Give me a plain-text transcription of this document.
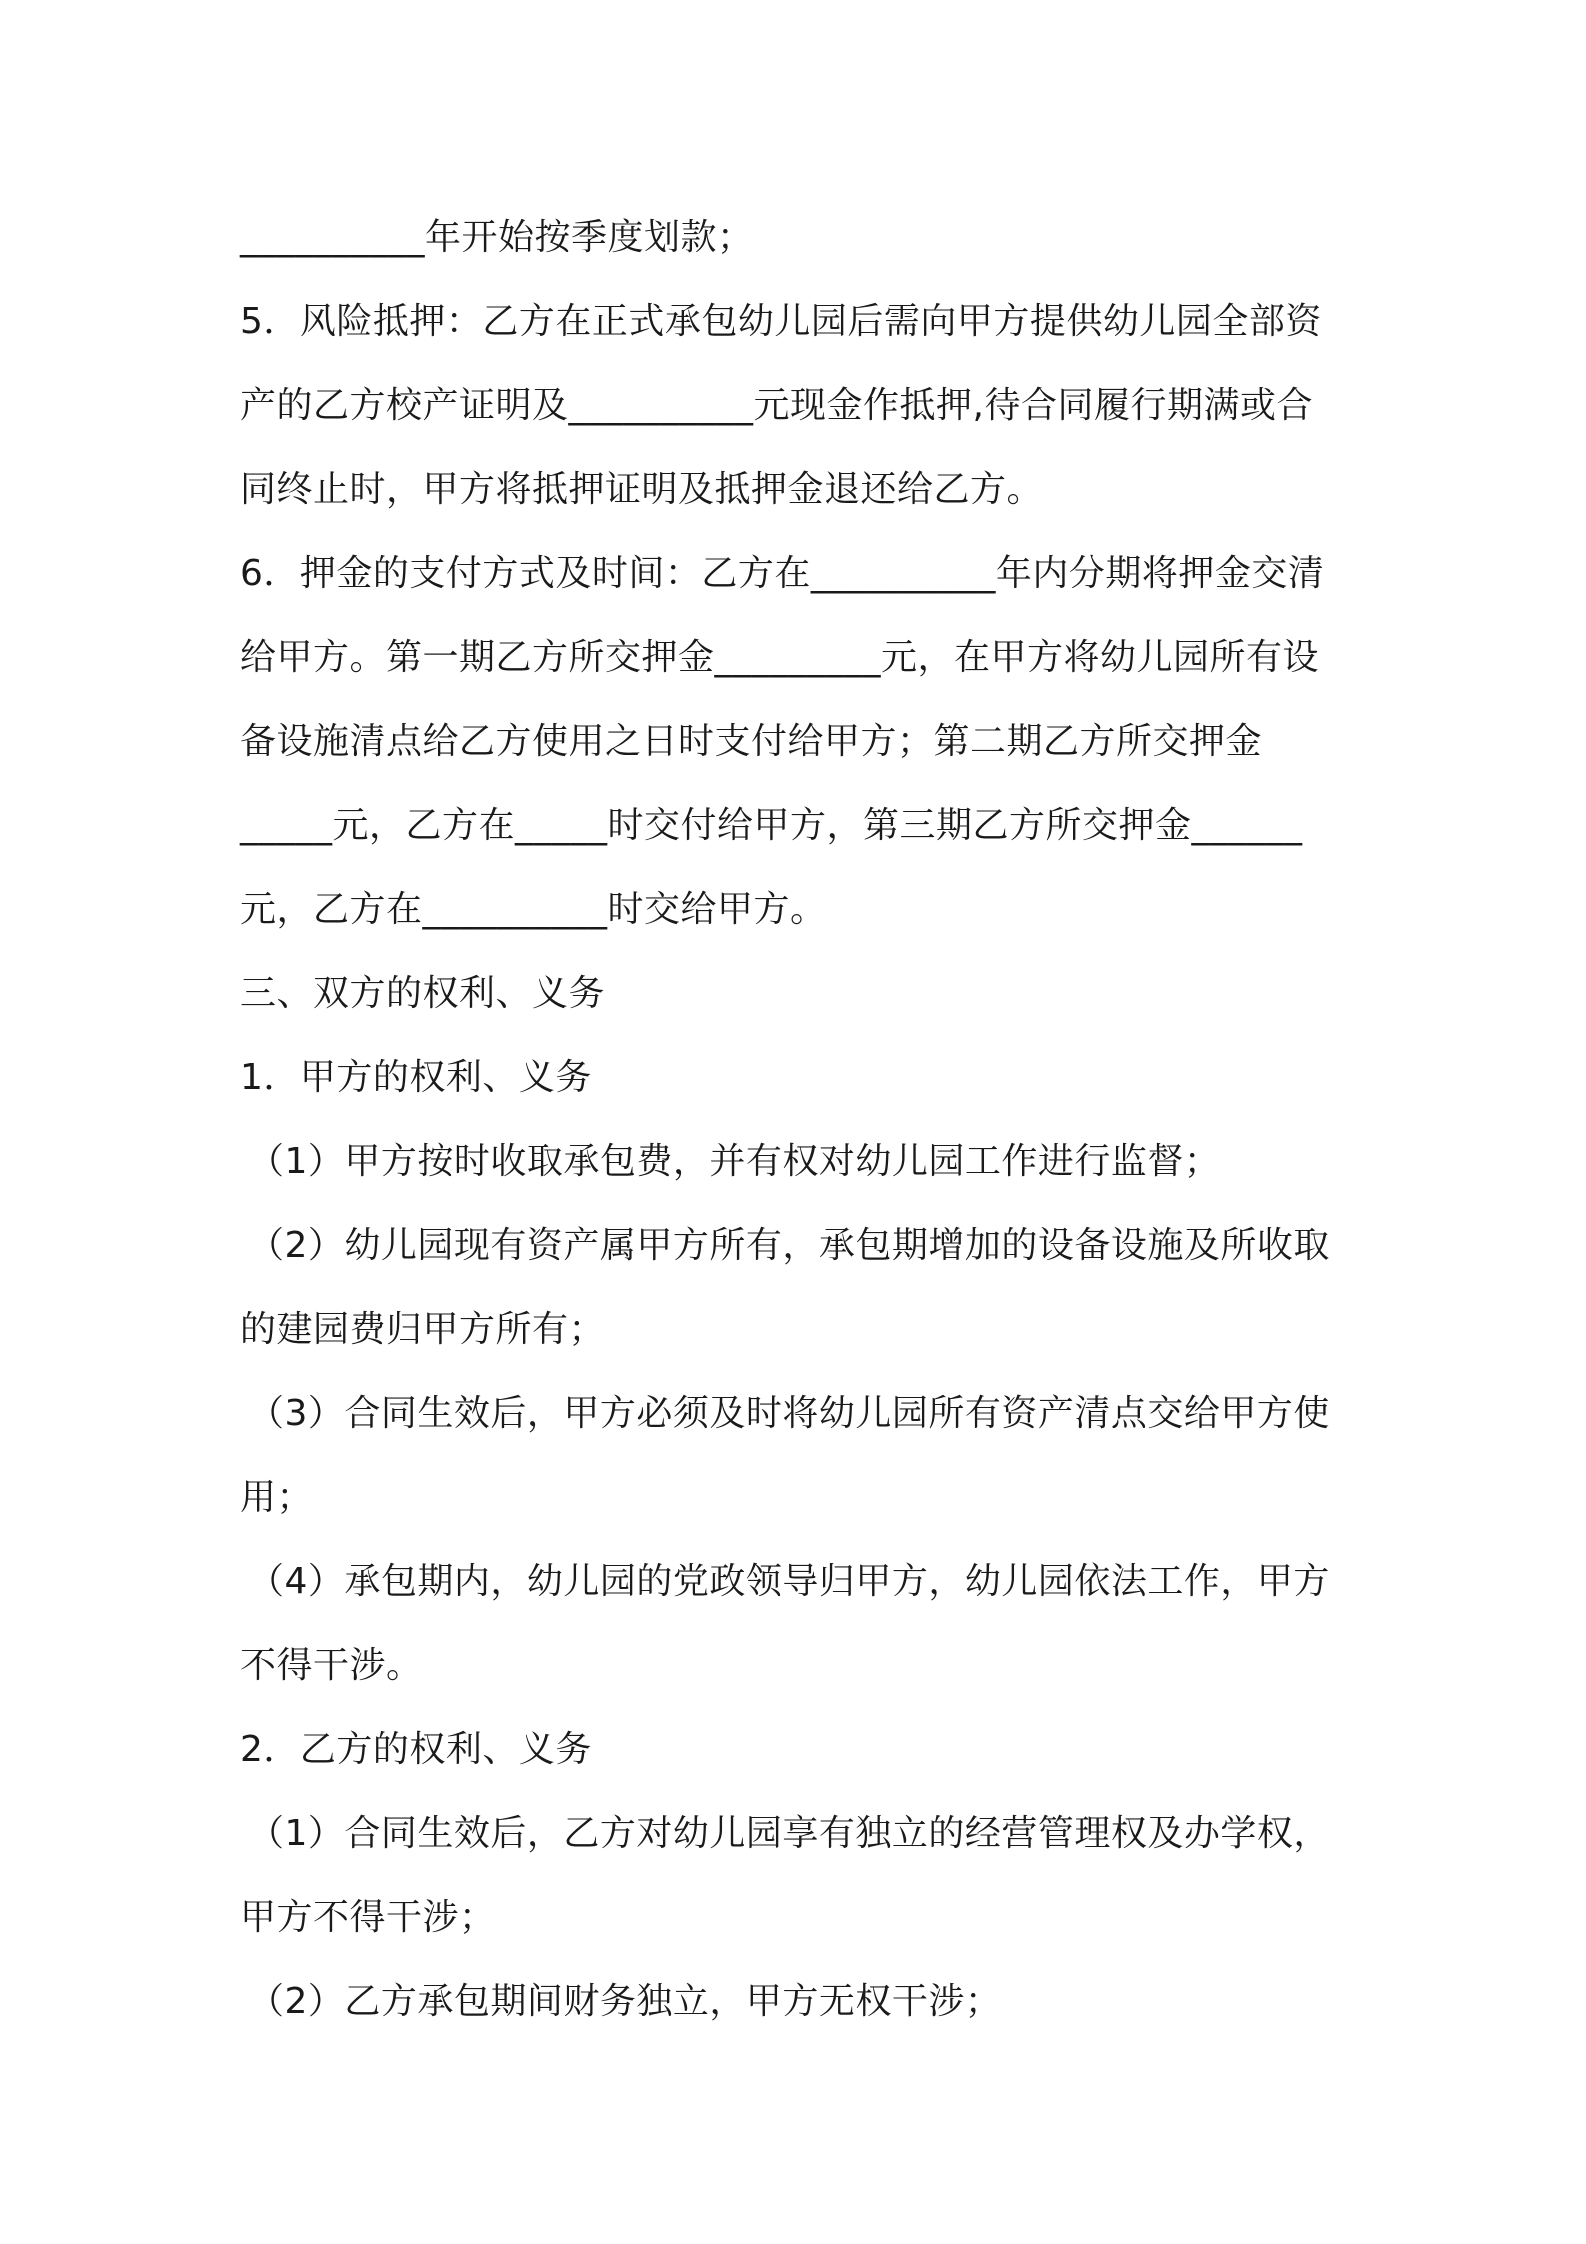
__________年开始按季度划款；
5．风险抵押：乙方在正式承包幼儿园后需向甲方提供幼儿园全部资
产的乙方校产证明及__________元现金作抵押,待合同履行期满或合
同终止时，甲方将抵押证明及抵押金退还给乙方。
6．押金的支付方式及时间：乙方在__________年内分期将押金交清
给甲方。第一期乙方所交押金_________元，在甲方将幼儿园所有设
备设施清点给乙方使用之日时支付给甲方；第二期乙方所交押金
_____元，乙方在_____时交付给甲方，第三期乙方所交押金______
元，乙方在__________时交给甲方。
三、双方的权利、义务
1．甲方的权利、义务
（1）甲方按时收取承包费，并有权对幼儿园工作进行监督；
（2）幼儿园现有资产属甲方所有，承包期增加的设备设施及所收取
的建园费归甲方所有；
（3）合同生效后，甲方必须及时将幼儿园所有资产清点交给甲方使
用；
（4）承包期内，幼儿园的党政领导归甲方，幼儿园依法工作，甲方
不得干涉。
2．乙方的权利、义务
（1）合同生效后，乙方对幼儿园享有独立的经营管理权及办学权，
甲方不得干涉；
（2）乙方承包期间财务独立，甲方无权干涉；
